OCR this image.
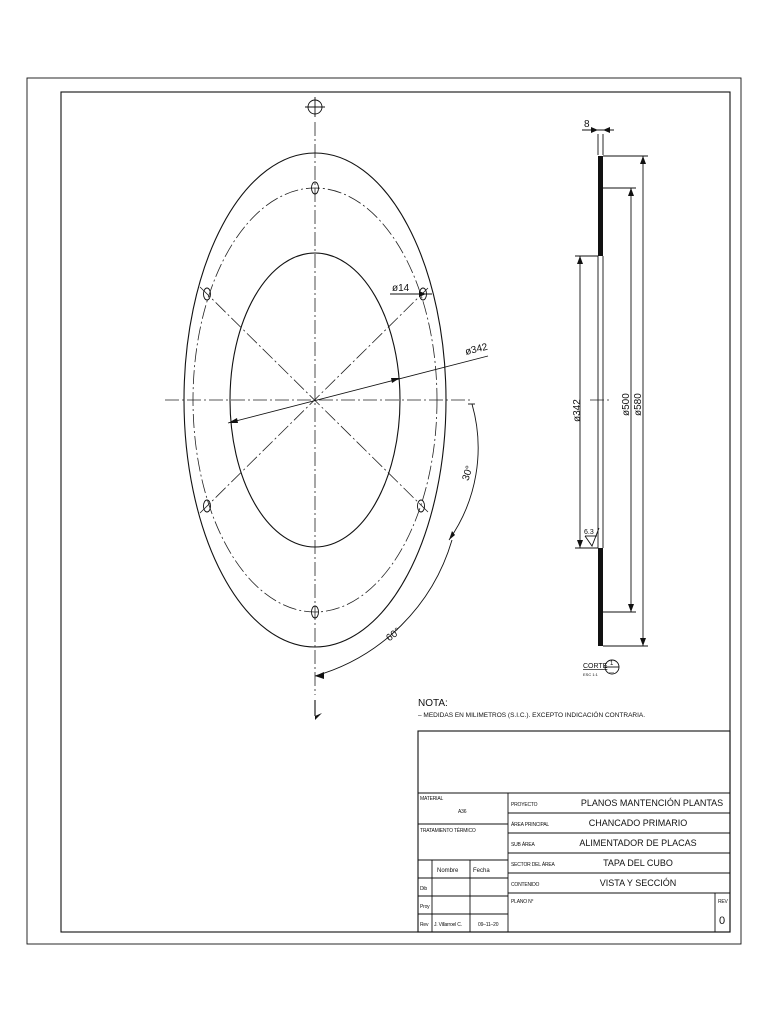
ø14
ø342
30°
60°
8
ø342	ø500 ø580
6.3
CORTE
ESC 1:1
1
—
NOTA:
– MEDIDAS EN MILIMETROS (S.I.C.). EXCEPTO INDICACIÓN CONTRARIA.
MATERIAL
A36
TRATAMIENTO TÉRMICO
Nombre Fecha
Dib
Proy
Rev J. Villarroel C.	09–11–20
PROYECTO	PLANOS MANTENCIÓN PLANTAS
ÁREA PRINCIPAL	CHANCADO PRIMARIO
SUB ÁREA	ALIMENTADOR DE PLACAS
SECTOR DEL ÁREA	TAPA DEL CUBO
CONTENIDO	VISTA Y SECCIÓN
PLANO N°	REV
0
